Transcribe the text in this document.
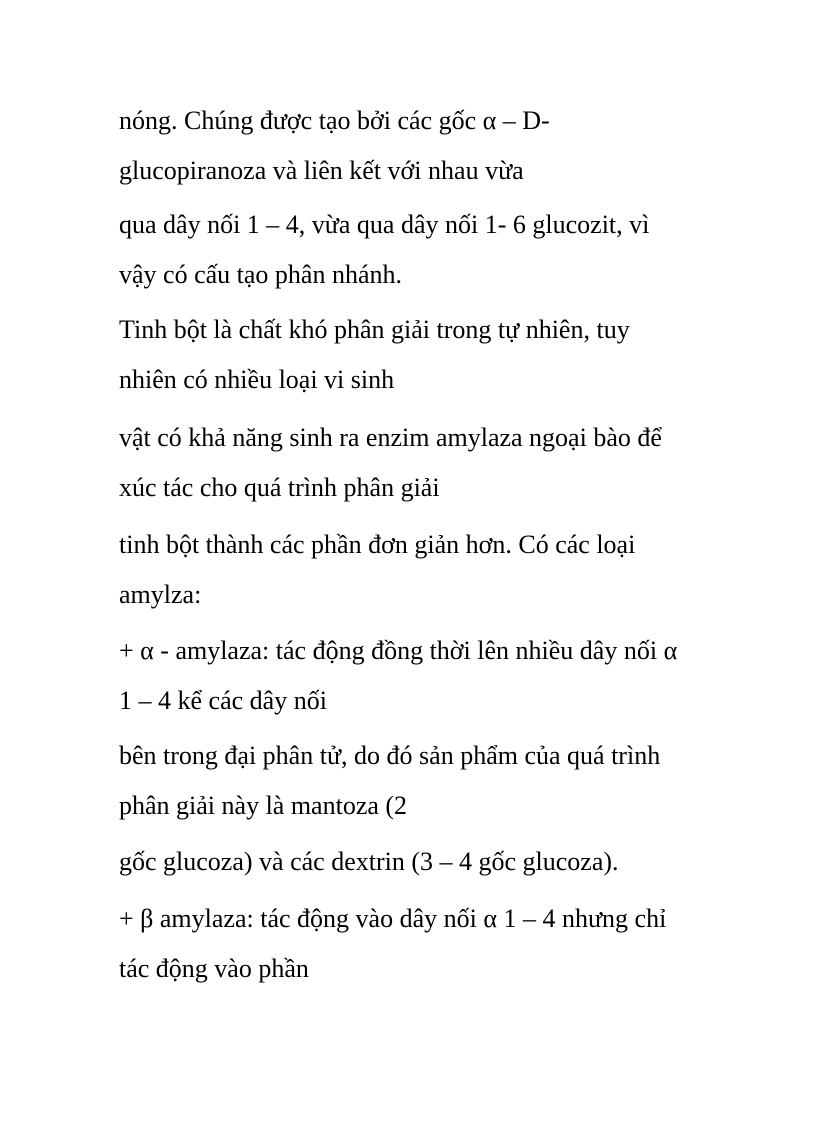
nóng. Chúng được tạo bởi các gốc α – D-
glucopiranoza và liên kết với nhau vừa

qua dây nối 1 – 4, vừa qua dây nối 1- 6 glucozit, vì
vậy có cấu tạo phân nhánh.

Tinh bột là chất khó phân giải trong tự nhiên, tuy
nhiên có nhiều loại vi sinh

vật có khả năng sinh ra enzim amylaza ngoại bào để
xúc tác cho quá trình phân giải

tinh bột thành các phần đơn giản hơn. Có các loại
amylza:

+ α - amylaza: tác động đồng thời lên nhiều dây nối α
1 – 4 kể các dây nối

bên trong đại phân tử, do đó sản phẩm của quá trình
phân giải này là mantoza (2

gốc glucoza) và các dextrin (3 – 4 gốc glucoza).

+ β amylaza: tác động vào dây nối α 1 – 4 nhưng chỉ
tác động vào phần
